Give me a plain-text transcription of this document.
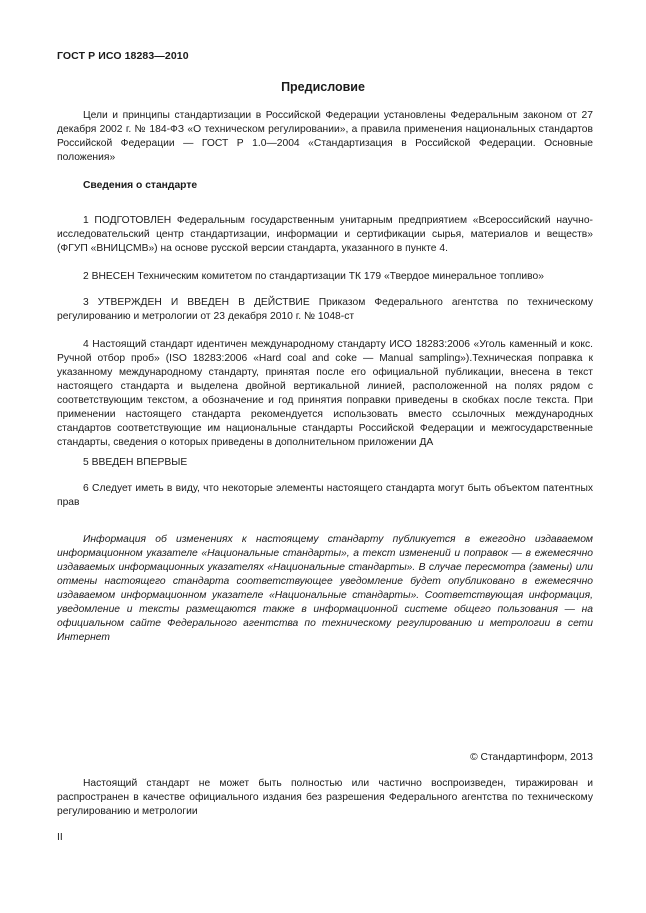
ГОСТ Р ИСО 18283—2010
Предисловие

Цели и принципы стандартизации в Российской Федерации установлены Федеральным законом от 27 декабря 2002 г. № 184-ФЗ «О техническом регулировании», а правила применения национальных стандартов Российской Федерации — ГОСТ Р 1.0—2004 «Стандартизация в Российской Федерации. Основные положения»

Сведения о стандарте

1 ПОДГОТОВЛЕН Федеральным государственным унитарным предприятием «Всероссийский научно-исследовательский центр стандартизации, информации и сертификации сырья, материалов и веществ» (ФГУП «ВНИЦСМВ») на основе русской версии стандарта, указанного в пункте 4.

2 ВНЕСЕН Техническим комитетом по стандартизации ТК 179 «Твердое минеральное топливо»

3 УТВЕРЖДЕН И ВВЕДЕН В ДЕЙСТВИЕ Приказом Федерального агентства по техническому регулированию и метрологии от 23 декабря 2010 г. № 1048-ст

4 Настоящий стандарт идентичен международному стандарту ИСО 18283:2006 «Уголь каменный и кокс. Ручной отбор проб» (ISO 18283:2006 «Hard coal and coke — Manual sampling»).Техническая поправка к указанному международному стандарту, принятая после его официальной публикации, внесена в текст настоящего стандарта и выделена двойной вертикальной линией, расположенной на полях рядом с соответствующим текстом, а обозначение и год принятия поправки приведены в скобках после текста. При применении настоящего стандарта рекомендуется использовать вместо ссылочных международных стандартов соответствующие им национальные стандарты Российской Федерации и межгосударственные стандарты, сведения о которых приведены в дополнительном приложении ДА

5 ВВЕДЕН ВПЕРВЫЕ

6 Следует иметь в виду, что некоторые элементы настоящего стандарта могут быть объектом патентных прав

Информация об изменениях к настоящему стандарту публикуется в ежегодно издаваемом информационном указателе «Национальные стандарты», а текст изменений и поправок — в ежемесячно издаваемых информационных указателях «Национальные стандарты». В случае пересмотра (замены) или отмены настоящего стандарта соответствующее уведомление будет опубликовано в ежемесячно издаваемом информационном указателе «Национальные стандарты». Соответствующая информация, уведомление и тексты размещаются также в информационной системе общего пользования — на официальном сайте Федерального агентства по техническому регулированию и метрологии в сети Интернет

© Стандартинформ, 2013

Настоящий стандарт не может быть полностью или частично воспроизведен, тиражирован и распространен в качестве официального издания без разрешения Федерального агентства по техническому регулированию и метрологии

II
